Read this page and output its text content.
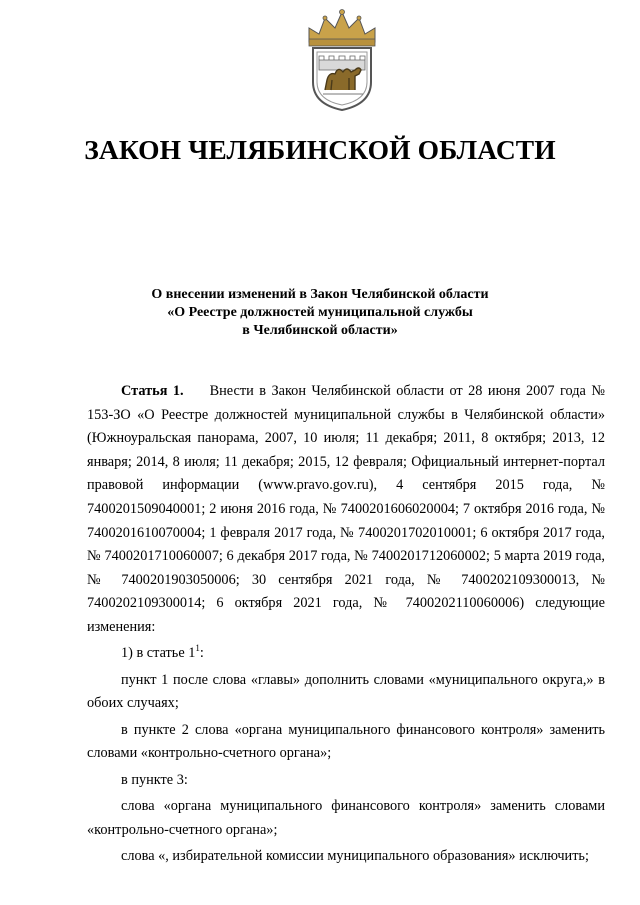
ЗАКОН ЧЕЛЯБИНСКОЙ ОБЛАСТИ
О внесении изменений в Закон Челябинской области
«О Реестре должностей муниципальной службы
в Челябинской области»

Статья 1. Внести в Закон Челябинской области от 28 июня 2007 года № 153-ЗО «О Реестре должностей муниципальной службы в Челябинской области» (Южноуральская панорама, 2007, 10 июля; 11 декабря; 2011, 8 октября; 2013, 12 января; 2014, 8 июля; 11 декабря; 2015, 12 февраля; Официальный интернет-портал правовой информации (www.pravo.gov.ru), 4 сентября 2015 года, № 7400201509040001; 2 июня 2016 года, № 7400201606020004; 7 октября 2016 года, № 7400201610070004; 1 февраля 2017 года, № 7400201702010001; 6 октября 2017 года, № 7400201710060007; 6 декабря 2017 года, № 7400201712060002; 5 марта 2019 года, № 7400201903050006; 30 сентября 2021 года, № 7400202109300013, № 7400202109300014; 6 октября 2021 года, № 7400202110060006) следующие изменения:

1) в статье $1^1$:

пункт 1 после слова «главы» дополнить словами «муниципального округа,» в обоих случаях;

в пункте 2 слова «органа муниципального финансового контроля» заменить словами «контрольно-счетного органа»;

в пункте 3:

слова «органа муниципального финансового контроля» заменить словами «контрольно-счетного органа»;

слова «, избирательной комиссии муниципального образования» исключить;
